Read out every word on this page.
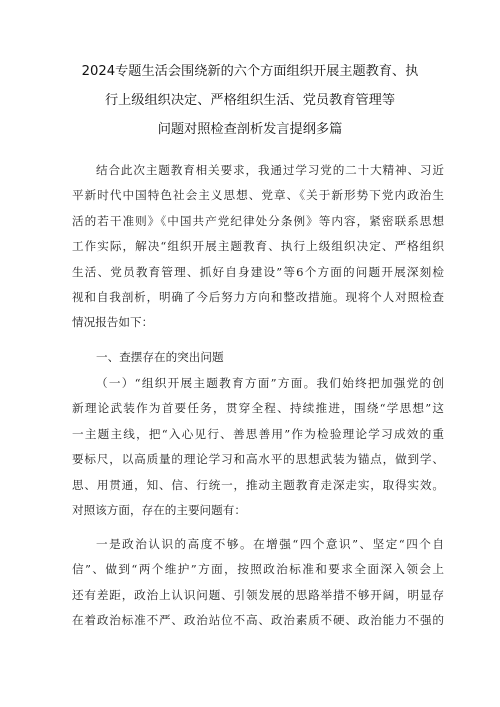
2024专题生活会围绕新的六个方面组织开展主题教育、执
行上级组织决定、严格组织生活、党员教育管理等
问题对照检查剖析发言提纲多篇
结合此次主题教育相关要求，我通过学习党的二十大精神、习近
平新时代中国特色社会主义思想、党章、《关于新形势下党内政治生
活的若干准则》《中国共产党纪律处分条例》等内容，紧密联系思想
工作实际，解决“组织开展主题教育、执行上级组织决定、严格组织
生活、党员教育管理、抓好自身建设”等6个方面的问题开展深刻检
视和自我剖析，明确了今后努力方向和整改措施。现将个人对照检查
情况报告如下：
一、查摆存在的突出问题
（一）“组织开展主题教育方面”方面。我们始终把加强党的创
新理论武装作为首要任务，贯穿全程、持续推进，围绕“学思想”这
一主题主线，把“入心见行、善思善用”作为检验理论学习成效的重
要标尺，以高质量的理论学习和高水平的思想武装为锚点，做到学、
思、用贯通，知、信、行统一，推动主题教育走深走实，取得实效。
对照该方面，存在的主要问题有：
一是政治认识的高度不够。在增强“四个意识”、坚定“四个自
信”、做到“两个维护”方面，按照政治标准和要求全面深入领会上
还有差距，政治上认识问题、引领发展的思路举措不够开阔，明显存
在着政治标准不严、政治站位不高、政治素质不硬、政治能力不强的
